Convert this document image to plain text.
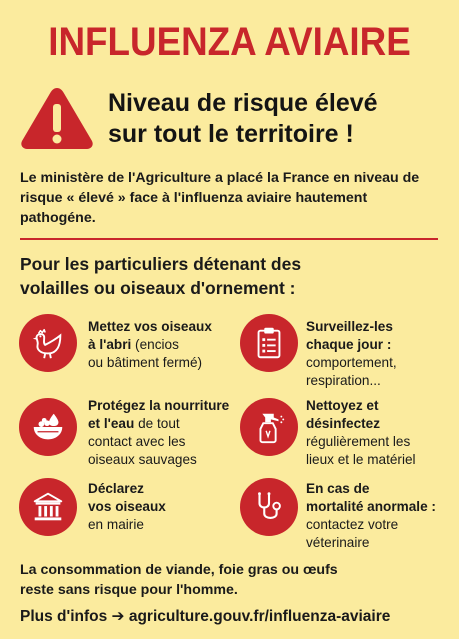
INFLUENZA AVIAIRE
Niveau de risque élevé
sur tout le territoire !
Le ministère de l'Agriculture a placé la France en niveau de risque « élevé » face à l'influenza aviaire hautement pathogéne.
Pour les particuliers détenant des
volailles ou oiseaux d'ornement :
Mettez vos oiseaux
à l'abri (encios
ou bâtiment fermé)
Surveillez-les
chaque jour :
comportement,
respiration...
Protégez la nourriture
et l'eau de tout
contact avec les
oiseaux sauvages
Nettoyez et
désinfectez
régulièrement les
lieux et le matériel
Déclarez
vos oiseaux
en mairie
En cas de
mortalité anormale :
contactez votre
véterinaire
La consommation de viande, foie gras ou œufs
reste sans risque pour l'homme.
Plus d'infos ➔ agriculture.gouv.fr/influenza-aviaire
